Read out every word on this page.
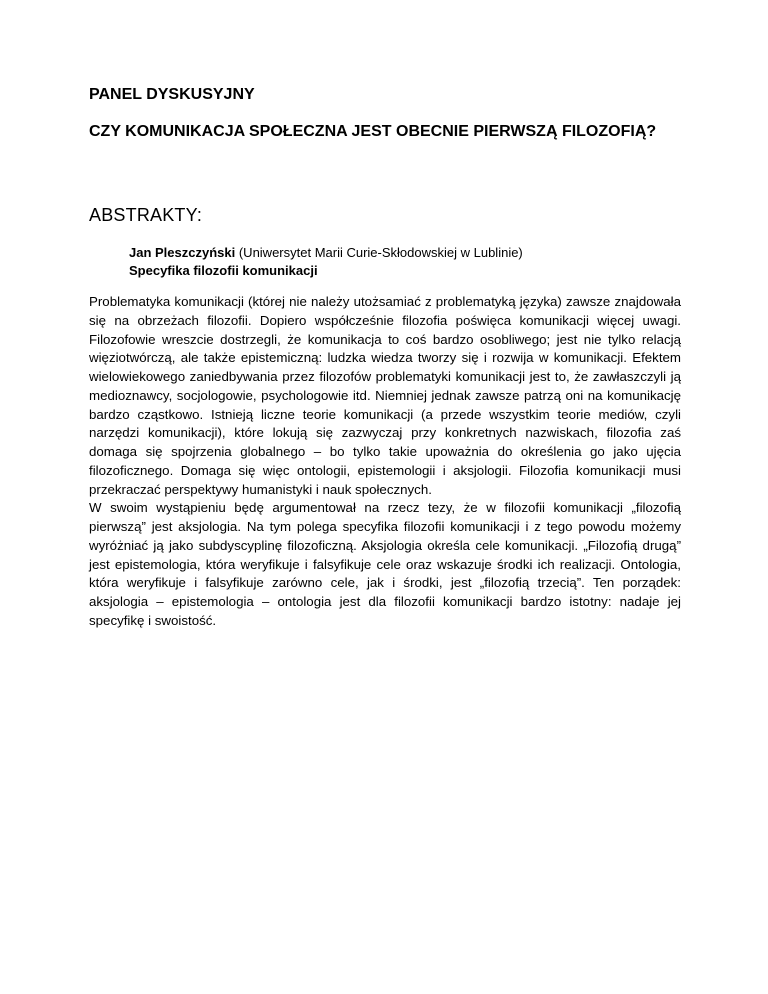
PANEL DYSKUSYJNY
CZY KOMUNIKACJA SPOŁECZNA JEST OBECNIE PIERWSZĄ FILOZOFIĄ?
ABSTRAKTY:
Jan Pleszczyński (Uniwersytet Marii Curie-Skłodowskiej w Lublinie)
Specyfika filozofii komunikacji

Problematyka komunikacji (której nie należy utożsamiać z problematyką języka) zawsze znajdowała się na obrzeżach filozofii. Dopiero współcześnie filozofia poświęca komunikacji więcej uwagi. Filozofowie wreszcie dostrzegli, że komunikacja to coś bardzo osobliwego; jest nie tylko relacją więziotwórczą, ale także epistemiczną: ludzka wiedza tworzy się i rozwija w komunikacji. Efektem wielowiekowego zaniedbywania przez filozofów problematyki komunikacji jest to, że zawłaszczyli ją medioznawcy, socjologowie, psychologowie itd. Niemniej jednak zawsze patrzą oni na komunikację bardzo cząstkowo. Istnieją liczne teorie komunikacji (a przede wszystkim teorie mediów, czyli narzędzi komunikacji), które lokują się zazwyczaj przy konkretnych nazwiskach, filozofia zaś domaga się spojrzenia globalnego – bo tylko takie upoważnia do określenia go jako ujęcia filozoficznego. Domaga się więc ontologii, epistemologii i aksjologii. Filozofia komunikacji musi przekraczać perspektywy humanistyki i nauk społecznych.

W swoim wystąpieniu będę argumentował na rzecz tezy, że w filozofii komunikacji „filozofią pierwszą” jest aksjologia. Na tym polega specyfika filozofii komunikacji i z tego powodu możemy wyróżniać ją jako subdyscyplinę filozoficzną. Aksjologia określa cele komunikacji. „Filozofią drugą” jest epistemologia, która weryfikuje i falsyfikuje cele oraz wskazuje środki ich realizacji. Ontologia, która weryfikuje i falsyfikuje zarówno cele, jak i środki, jest „filozofią trzecią”. Ten porządek: aksjologia – epistemologia – ontologia jest dla filozofii komunikacji bardzo istotny: nadaje jej specyfikę i swoistość.
